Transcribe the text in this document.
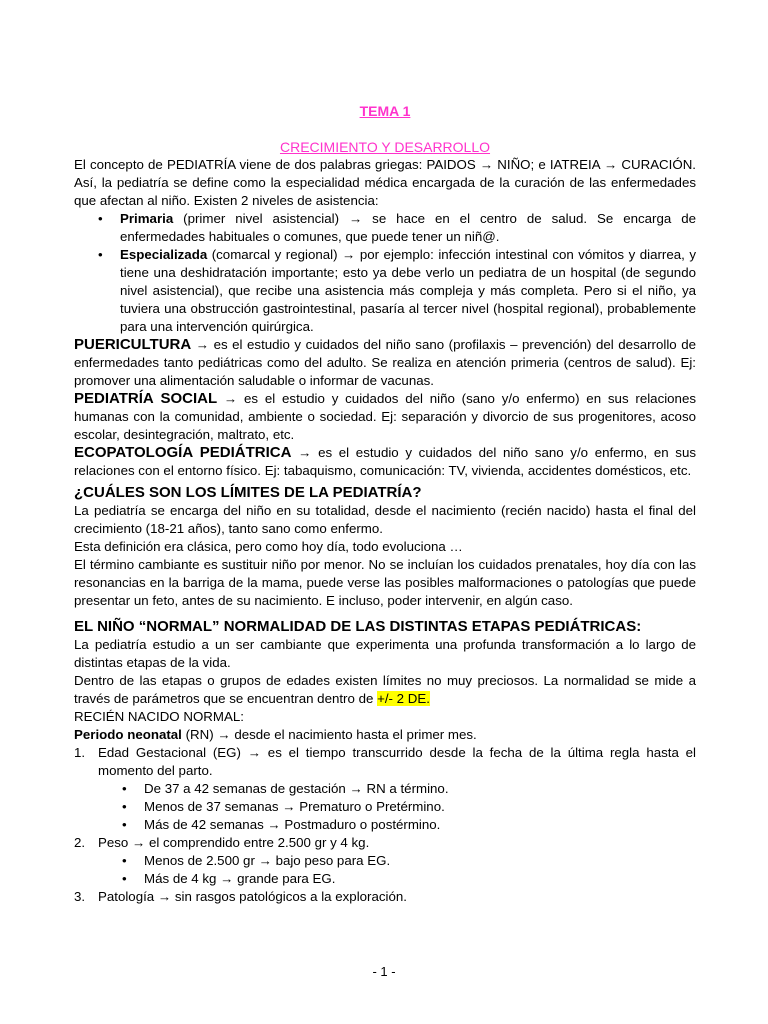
TEMA 1
CRECIMIENTO Y DESARROLLO

El concepto de PEDIATRÍA viene de dos palabras griegas: PAIDOS → NIÑO; e IATREIA → CURACIÓN. Así, la pediatría se define como la especialidad médica encargada de la curación de las enfermedades que afectan al niño. Existen 2 niveles de asistencia:

• Primaria (primer nivel asistencial) → se hace en el centro de salud. Se encarga de enfermedades habituales o comunes, que puede tener un niñ@.
• Especializada (comarcal y regional) → por ejemplo: infección intestinal con vómitos y diarrea, y tiene una deshidratación importante; esto ya debe verlo un pediatra de un hospital (de segundo nivel asistencial), que recibe una asistencia más compleja y más completa. Pero si el niño, ya tuviera una obstrucción gastrointestinal, pasaría al tercer nivel (hospital regional), probablemente para una intervención quirúrgica.

PUERICULTURA → es el estudio y cuidados del niño sano (profilaxis – prevención) del desarrollo de enfermedades tanto pediátricas como del adulto. Se realiza en atención primeria (centros de salud). Ej: promover una alimentación saludable o informar de vacunas.

PEDIATRÍA SOCIAL → es el estudio y cuidados del niño (sano y/o enfermo) en sus relaciones humanas con la comunidad, ambiente o sociedad. Ej: separación y divorcio de sus progenitores, acoso escolar, desintegración, maltrato, etc.

ECOPATOLOGÍA PEDIÁTRICA → es el estudio y cuidados del niño sano y/o enfermo, en sus relaciones con el entorno físico. Ej: tabaquismo, comunicación: TV, vivienda, accidentes domésticos, etc.

¿CUÁLES SON LOS LÍMITES DE LA PEDIATRÍA?

La pediatría se encarga del niño en su totalidad, desde el nacimiento (recién nacido) hasta el final del crecimiento (18-21 años), tanto sano como enfermo.

Esta definición era clásica, pero como hoy día, todo evoluciona …

El término cambiante es sustituir niño por menor. No se incluían los cuidados prenatales, hoy día con las resonancias en la barriga de la mama, puede verse las posibles malformaciones o patologías que puede presentar un feto, antes de su nacimiento. E incluso, poder intervenir, en algún caso.

EL NIÑO “NORMAL” NORMALIDAD DE LAS DISTINTAS ETAPAS PEDIÁTRICAS:

La pediatría estudio a un ser cambiante que experimenta una profunda transformación a lo largo de distintas etapas de la vida.

Dentro de las etapas o grupos de edades existen límites no muy preciosos. La normalidad se mide a través de parámetros que se encuentran dentro de +/- 2 DE.

RECIÉN NACIDO NORMAL:

Periodo neonatal (RN) → desde el nacimiento hasta el primer mes.

1. Edad Gestacional (EG) → es el tiempo transcurrido desde la fecha de la última regla hasta el momento del parto.
• De 37 a 42 semanas de gestación → RN a término.
• Menos de 37 semanas → Prematuro o Pretérmino.
• Más de 42 semanas → Postmaduro o postérmino.
2. Peso → el comprendido entre 2.500 gr y 4 kg.
• Menos de 2.500 gr → bajo peso para EG.
• Más de 4 kg → grande para EG.
3. Patología → sin rasgos patológicos a la exploración.
- 1 -
